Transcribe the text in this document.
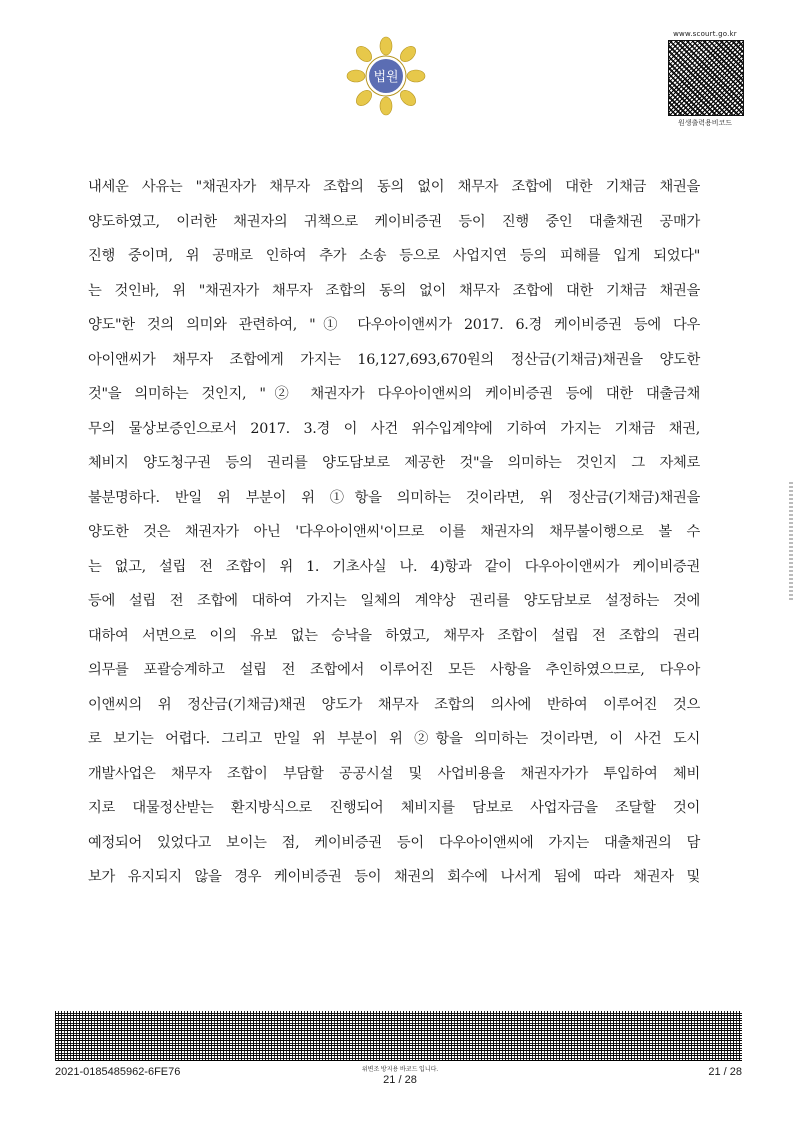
법원
www.scourt.go.kr
원생출력용비코드
내세운 사유는 "채권자가 채무자 조합의 동의 없이 채무자 조합에 대한 기채금 채권을
양도하였고, 이러한 채권자의 귀책으로 케이비증권 등이 진행 중인 대출채권 공매가
진행 중이며, 위 공매로 인하여 추가 소송 등으로 사업지연 등의 피해를 입게 되었다"
는 것인바, 위 "채권자가 채무자 조합의 동의 없이 채무자 조합에 대한 기채금 채권을
양도"한 것의 의미와 관련하여, "① 다우아이앤씨가 2017. 6.경 케이비증권 등에 다우
아이앤씨가 채무자 조합에게 가지는 16,127,693,670원의 정산금(기채금)채권을 양도한
것"을 의미하는 것인지, "② 채권자가 다우아이앤씨의 케이비증권 등에 대한 대출금채
무의 물상보증인으로서 2017. 3.경 이 사건 위수입계약에 기하여 가지는 기채금 채권,
체비지 양도청구권 등의 권리를 양도담보로 제공한 것"을 의미하는 것인지 그 자체로
불분명하다. 반일 위 부분이 위 ①항을 의미하는 것이라면, 위 정산금(기채금)채권을
양도한 것은 채권자가 아닌 '다우아이앤씨'이므로 이를 채권자의 채무불이행으로 볼 수
는 없고, 설립 전 조합이 위 1. 기초사실 나. 4)항과 같이 다우아이앤씨가 케이비증권
등에 설립 전 조합에 대하여 가지는 일체의 계약상 권리를 양도담보로 설정하는 것에
대하여 서면으로 이의 유보 없는 승낙을 하였고, 채무자 조합이 설립 전 조합의 권리
의무를 포괄승계하고 설립 전 조합에서 이루어진 모든 사항을 추인하였으므로, 다우아
이앤씨의 위 정산금(기채금)채권 양도가 채무자 조합의 의사에 반하여 이루어진 것으
로 보기는 어렵다. 그리고 만일 위 부분이 위 ②항을 의미하는 것이라면, 이 사건 도시
개발사업은 채무자 조합이 부담할 공공시설 및 사업비용을 채권자가가 투입하여 체비
지로 대물정산받는 환지방식으로 진행되어 체비지를 담보로 사업자금을 조달할 것이
예정되어 있었다고 보이는 점, 케이비증권 등이 다우아이앤씨에 가지는 대출채권의 담
보가 유지되지 않을 경우 케이비증권 등이 채권의 회수에 나서게 됨에 따라 채권자 및
2021-0185485962-6FE76	위변조 방지용 바코드 입니다.
21 / 28
21 / 28
